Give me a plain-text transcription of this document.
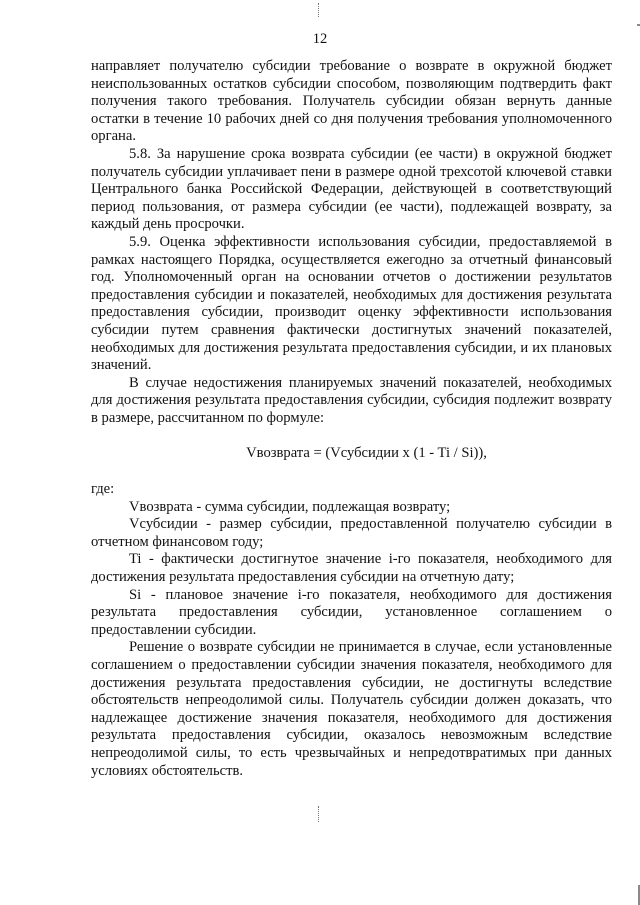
12

направляет получателю субсидии требование о возврате в окружной бюджет неиспользованных остатков субсидии способом, позволяющим подтвердить факт получения такого требования. Получатель субсидии обязан вернуть данные остатки в течение 10 рабочих дней со дня получения требования уполномоченного органа.

5.8. За нарушение срока возврата субсидии (ее части) в окружной бюджет получатель субсидии уплачивает пени в размере одной трехсотой ключевой ставки Центрального банка Российской Федерации, действующей в соответствующий период пользования, от размера субсидии (ее части), подлежащей возврату, за каждый день просрочки.

5.9. Оценка эффективности использования субсидии, предоставляемой в рамках настоящего Порядка, осуществляется ежегодно за отчетный финансовый год. Уполномоченный орган на основании отчетов о достижении результатов предоставления субсидии и показателей, необходимых для достижения результата предоставления субсидии, производит оценку эффективности использования субсидии путем сравнения фактически достигнутых значений показателей, необходимых для достижения результата предоставления субсидии, и их плановых значений.

В случае недостижения планируемых значений показателей, необходимых для достижения результата предоставления субсидии, субсидия подлежит возврату в размере, рассчитанном по формуле:

Vвозврата = (Vсубсидии x (1 - Ti / Si)),

где:

Vвозврата - сумма субсидии, подлежащая возврату;

Vсубсидии - размер субсидии, предоставленной получателю субсидии в отчетном финансовом году;

Ti - фактически достигнутое значение i-го показателя, необходимого для достижения результата предоставления субсидии на отчетную дату;

Si - плановое значение i-го показателя, необходимого для достижения результата предоставления субсидии, установленное соглашением о предоставлении субсидии.

Решение о возврате субсидии не принимается в случае, если установленные соглашением о предоставлении субсидии значения показателя, необходимого для достижения результата предоставления субсидии, не достигнуты вследствие обстоятельств непреодолимой силы. Получатель субсидии должен доказать, что надлежащее достижение значения показателя, необходимого для достижения результата предоставления субсидии, оказалось невозможным вследствие непреодолимой силы, то есть чрезвычайных и непредотвратимых при данных условиях обстоятельств.
